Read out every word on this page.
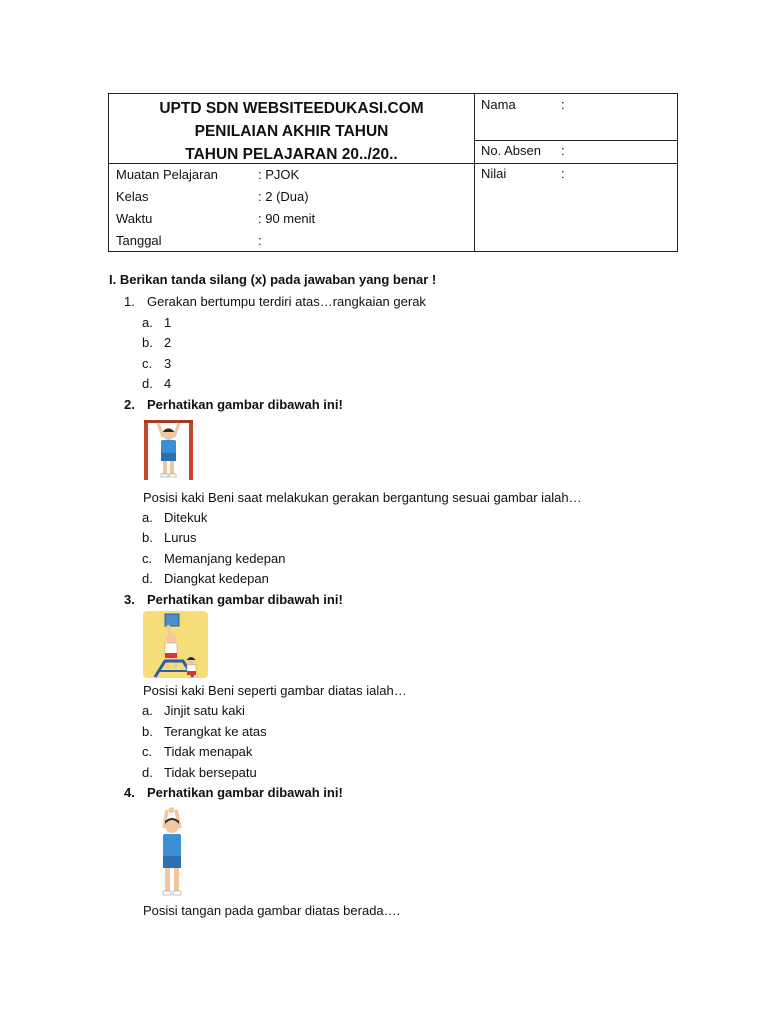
UPTD SDN WEBSITEEDUKASI.COM
PENILAIAN AKHIR TAHUN
TAHUN PELAJARAN 20../20..
Muatan Pelajaran	: PJOK
Kelas	: 2 (Dua)
Waktu	: 90 menit
Tanggal	:
Nama	:
No. Absen :
Nilai	:
I. Berikan tanda silang (x) pada jawaban yang benar !
1. Gerakan bertumpu terdiri atas…rangkaian gerak
a. 1
b. 2
c. 3
d. 4
2. Perhatikan gambar dibawah ini!
Posisi kaki Beni saat melakukan gerakan bergantung sesuai gambar ialah…
a. Ditekuk
b. Lurus
c. Memanjang kedepan
d. Diangkat kedepan
3. Perhatikan gambar dibawah ini!
Posisi kaki Beni seperti gambar diatas ialah…
a. Jinjit satu kaki
b. Terangkat ke atas
c. Tidak menapak
d. Tidak bersepatu
4. Perhatikan gambar dibawah ini!
Posisi tangan pada gambar diatas berada….
